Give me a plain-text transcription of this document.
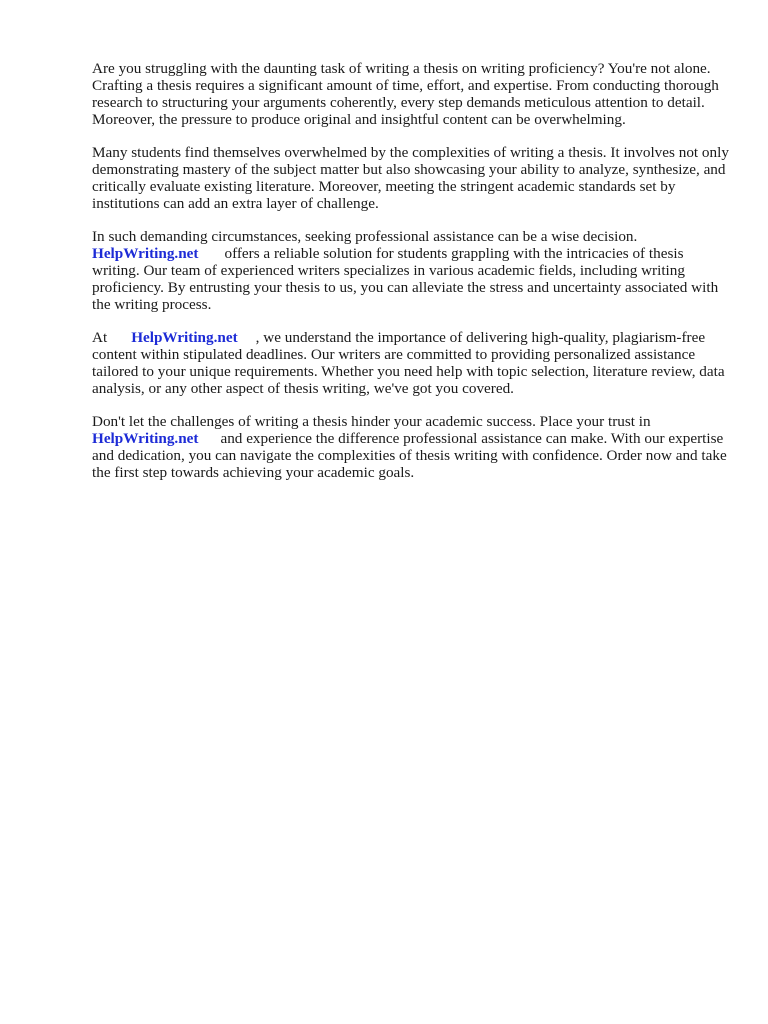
Are you struggling with the daunting task of writing a thesis on writing proficiency? You're not alone. Crafting a thesis requires a significant amount of time, effort, and expertise. From conducting thorough research to structuring your arguments coherently, every step demands meticulous attention to detail. Moreover, the pressure to produce original and insightful content can be overwhelming.

Many students find themselves overwhelmed by the complexities of writing a thesis. It involves not only demonstrating mastery of the subject matter but also showcasing your ability to analyze, synthesize, and critically evaluate existing literature. Moreover, meeting the stringent academic standards set by institutions can add an extra layer of challenge.

In such demanding circumstances, seeking professional assistance can be a wise decision.
HelpWriting.net offers a reliable solution for students grappling with the intricacies of thesis writing. Our team of experienced writers specializes in various academic fields, including writing proficiency. By entrusting your thesis to us, you can alleviate the stress and uncertainty associated with the writing process.

At HelpWriting.net , we understand the importance of delivering high-quality, plagiarism-free content within stipulated deadlines. Our writers are committed to providing personalized assistance tailored to your unique requirements. Whether you need help with topic selection, literature review, data analysis, or any other aspect of thesis writing, we've got you covered.

Don't let the challenges of writing a thesis hinder your academic success. Place your trust in
HelpWriting.net and experience the difference professional assistance can make. With our expertise and dedication, you can navigate the complexities of thesis writing with confidence. Order now and take the first step towards achieving your academic goals.
